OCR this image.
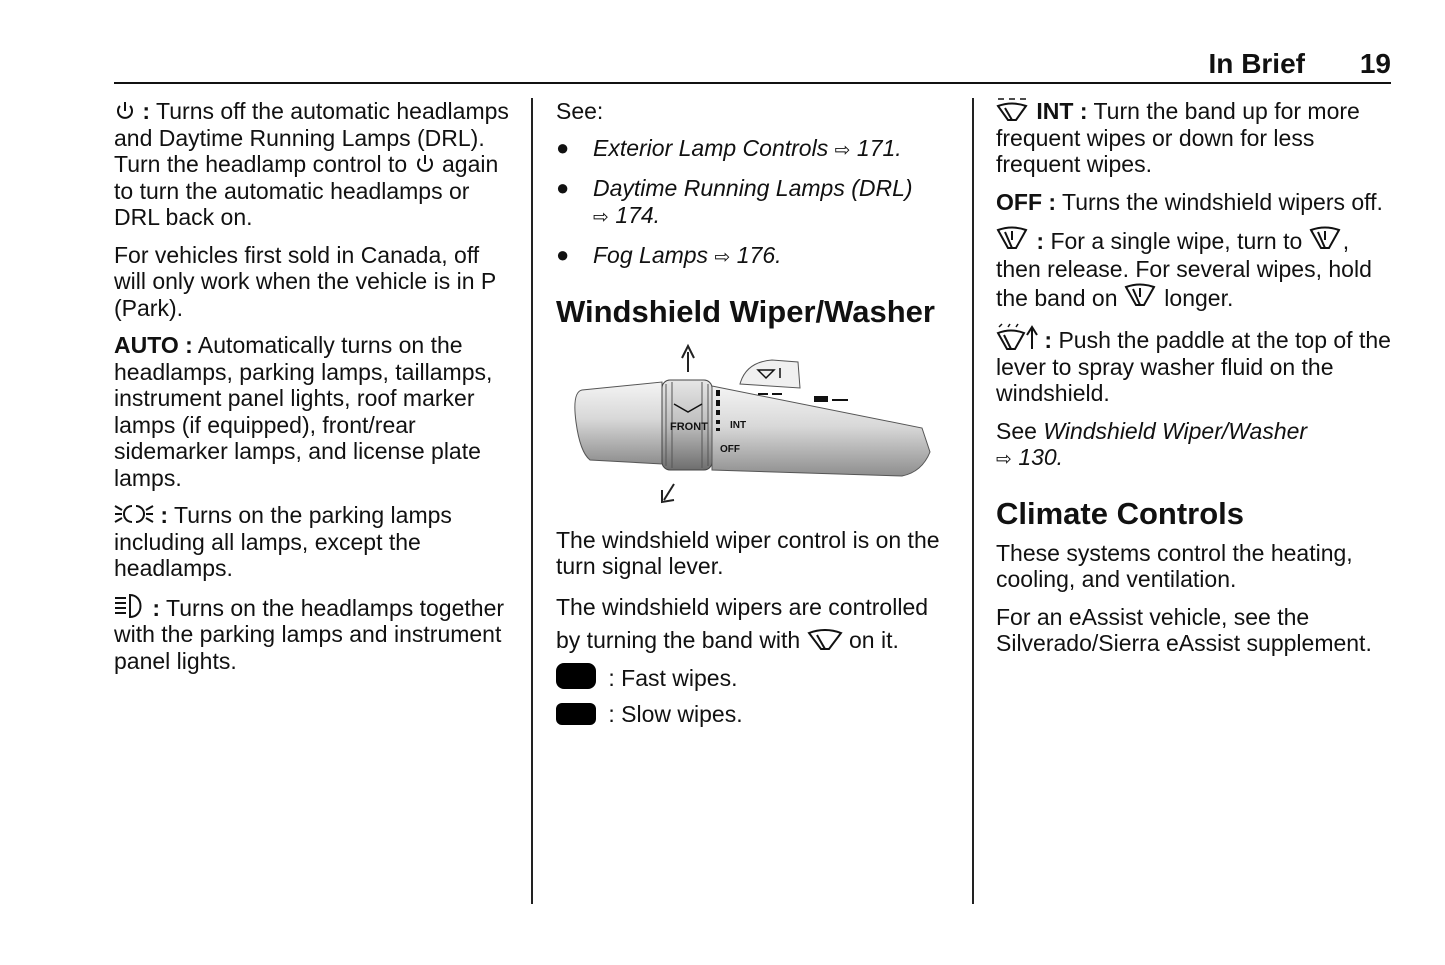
In Brief 19

: Turns off the automatic headlamps and Daytime Running Lamps (DRL). Turn the headlamp control to again to turn the automatic headlamps or DRL back on.

For vehicles first sold in Canada, off will only work when the vehicle is in P (Park).

AUTO : Automatically turns on the headlamps, parking lamps, taillamps, instrument panel lights, roof marker lamps (if equipped), front/rear sidemarker lamps, and license plate lamps.

: Turns on the parking lamps including all lamps, except the headlamps.

: Turns on the headlamps together with the parking lamps and instrument panel lights.

See:

● Exterior Lamp Controls ⇨ 171.
● Daytime Running Lamps (DRL)
⇨ 174.
● Fog Lamps ⇨ 176.
Windshield Wiper/Washer
FRONT INT
OFF

The windshield wiper control is on the turn signal lever.

The windshield wipers are controlled by turning the band with on it.

: Fast wipes.

: Slow wipes.

INT : Turn the band up for more frequent wipes or down for less frequent wipes.

OFF : Turns the windshield wipers off.

: For a single wipe, turn to , then release. For several wipes, hold the band on longer.

: Push the paddle at the top of the lever to spray washer fluid on the windshield.

See Windshield Wiper/Washer
⇨ 130.

Climate Controls

These systems control the heating, cooling, and ventilation.

For an eAssist vehicle, see the Silverado/Sierra eAssist supplement.
